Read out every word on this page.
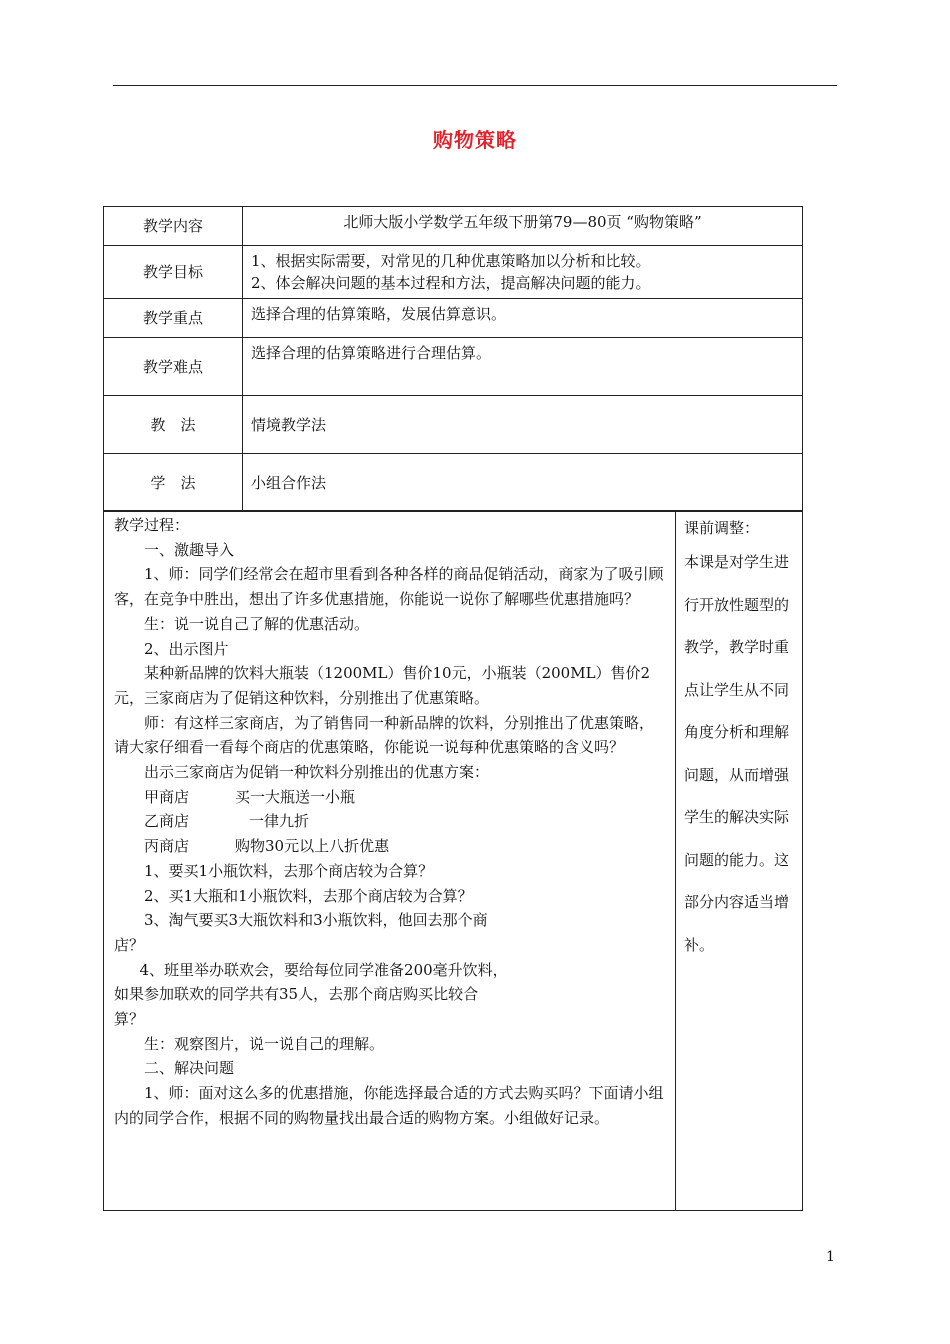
购物策略
教学内容	北师大版小学数学五年级下册第79—80页 “购物策略”

教学目标	1、根据实际需要，对常见的几种优惠策略加以分析和比较。
2、体会解决问题的基本过程和方法，提高解决问题的能力。

教学重点	选择合理的估算策略，发展估算意识。

教学难点	选择合理的估算策略进行合理估算。

教　法	情境教学法

学　法	小组合作法
教学过程：
一、激趣导入
1、师：同学们经常会在超市里看到各种各样的商品促销活动，商家为了吸引顾客，在竞争中胜出，想出了许多优惠措施，你能说一说你了解哪些优惠措施吗？
生：说一说自己了解的优惠活动。
2、出示图片
某种新品牌的饮料大瓶装（1200ML）售价10元，小瓶装（200ML）售价2元，三家商店为了促销这种饮料，分别推出了优惠策略。
师：有这样三家商店，为了销售同一种新品牌的饮料，分别推出了优惠策略，请大家仔细看一看每个商店的优惠策略，你能说一说每种优惠策略的含义吗？
出示三家商店为促销一种饮料分别推出的优惠方案：
甲商店	买一大瓶送一小瓶
乙商店	一律九折
丙商店	购物30元以上八折优惠
1、要买1小瓶饮料，去那个商店较为合算？
2、买1大瓶和1小瓶饮料，去那个商店较为合算？
3、淘气要买3大瓶饮料和3小瓶饮料，他回去那个商
店？
4、班里举办联欢会，要给每位同学准备200毫升饮料，
如果参加联欢的同学共有35人，去那个商店购买比较合
算？
生：观察图片，说一说自己的理解。
二、解决问题
1、师：面对这么多的优惠措施，你能选择最合适的方式去购买吗？下面请小组内的同学合作，根据不同的购物量找出最合适的购物方案。小组做好记录。

课前调整：
本课是对学生进
行开放性题型的
教学，教学时重
点让学生从不同
角度分析和理解
问题，从而增强
学生的解决实际
问题的能力。这
部分内容适当增
补。
1
